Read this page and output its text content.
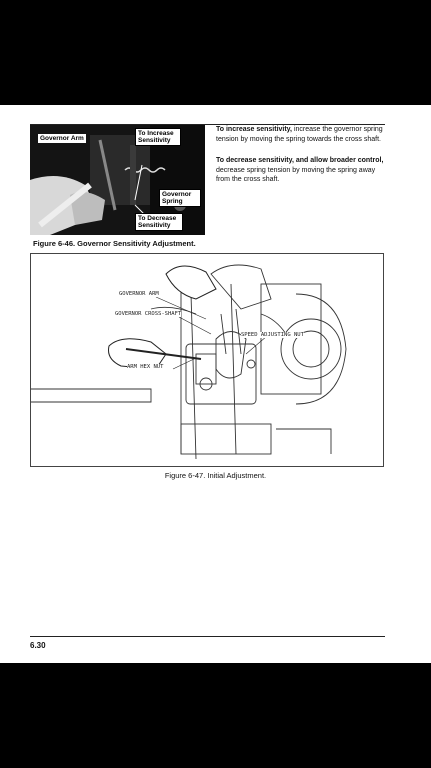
Governor Arm
To Increase Sensitivity
Governor Spring
To Decrease Sensitivity
Figure 6-46. Governor Sensitivity Adjustment.
To increase sensitivity, increase the governor spring tension by moving the spring towards the cross shaft.
To decrease sensitivity, and allow broader control, decrease spring tension by moving the spring away from the cross shaft.
GOVERNOR ARM
GOVERNOR CROSS-SHAFT
SPEED ADJUSTING NUT
ARM HEX NUT
Figure 6-47. Initial Adjustment.
6.30
